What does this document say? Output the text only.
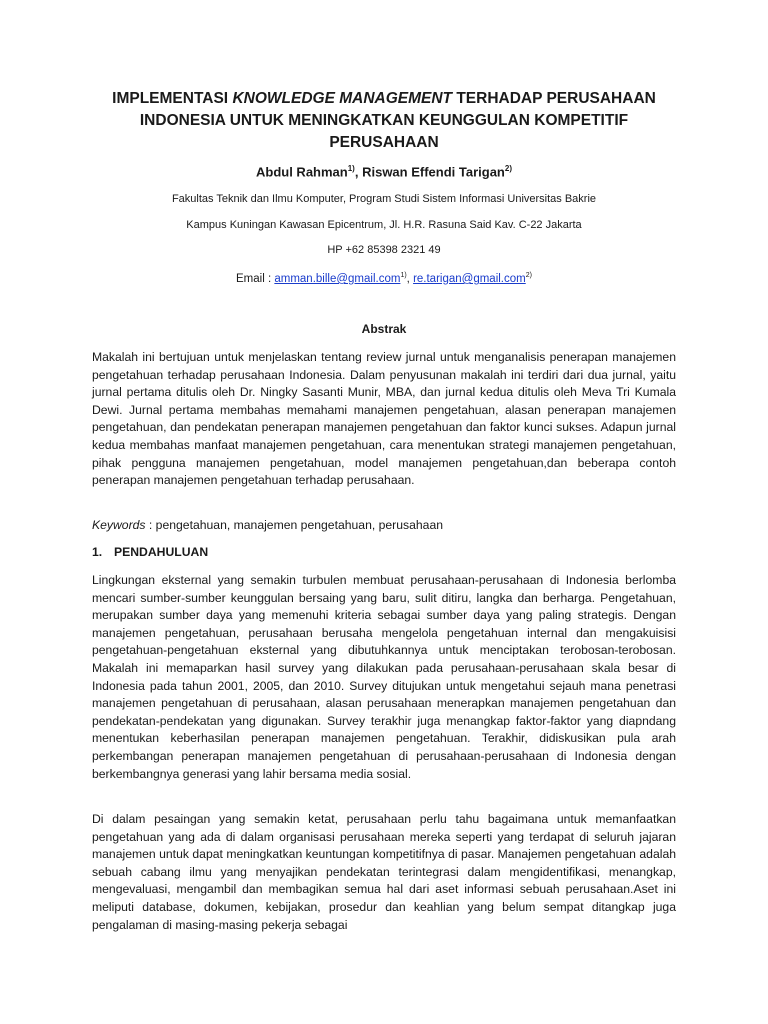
IMPLEMENTASI KNOWLEDGE MANAGEMENT TERHADAP PERUSAHAAN INDONESIA UNTUK MENINGKATKAN KEUNGGULAN KOMPETITIF PERUSAHAAN
Abdul Rahman$^{1)}$, Riswan Effendi Tarigan$^{2)}$
Fakultas Teknik dan Ilmu Komputer, Program Studi Sistem Informasi Universitas Bakrie
Kampus Kuningan Kawasan Epicentrum, Jl. H.R. Rasuna Said Kav. C-22 Jakarta
HP +62 85398 2321 49
Email : amman.bille@gmail.com$^{1)}$, re.tarigan@gmail.com$^{2)}$
Abstrak

Makalah ini bertujuan untuk menjelaskan tentang review jurnal untuk menganalisis penerapan manajemen pengetahuan terhadap perusahaan Indonesia. Dalam penyusunan makalah ini terdiri dari dua jurnal, yaitu jurnal pertama ditulis oleh Dr. Ningky Sasanti Munir, MBA, dan jurnal kedua ditulis oleh Meva Tri Kumala Dewi. Jurnal pertama membahas memahami manajemen pengetahuan, alasan penerapan manajemen pengetahuan, dan pendekatan penerapan manajemen pengetahuan dan faktor kunci sukses. Adapun jurnal kedua membahas manfaat manajemen pengetahuan, cara menentukan strategi manajemen pengetahuan, pihak pengguna manajemen pengetahuan, model manajemen pengetahuan,dan beberapa contoh penerapan manajemen pengetahuan terhadap perusahaan.

Keywords : pengetahuan, manajemen pengetahuan, perusahaan
1. PENDAHULUAN

Lingkungan eksternal yang semakin turbulen membuat perusahaan-perusahaan di Indonesia berlomba mencari sumber-sumber keunggulan bersaing yang baru, sulit ditiru, langka dan berharga. Pengetahuan, merupakan sumber daya yang memenuhi kriteria sebagai sumber daya yang paling strategis. Dengan manajemen pengetahuan, perusahaan berusaha mengelola pengetahuan internal dan mengakuisisi pengetahuan-pengetahuan eksternal yang dibutuhkannya untuk menciptakan terobosan-terobosan. Makalah ini memaparkan hasil survey yang dilakukan pada perusahaan-perusahaan skala besar di Indonesia pada tahun 2001, 2005, dan 2010. Survey ditujukan untuk mengetahui sejauh mana penetrasi manajemen pengetahuan di perusahaan, alasan perusahaan menerapkan manajemen pengetahuan dan pendekatan-pendekatan yang digunakan. Survey terakhir juga menangkap faktor-faktor yang diapndang menentukan keberhasilan penerapan manajemen pengetahuan. Terakhir, didiskusikan pula arah perkembangan penerapan manajemen pengetahuan di perusahaan-perusahaan di Indonesia dengan berkembangnya generasi yang lahir bersama media sosial.

Di dalam pesaingan yang semakin ketat, perusahaan perlu tahu bagaimana untuk memanfaatkan pengetahuan yang ada di dalam organisasi perusahaan mereka seperti yang terdapat di seluruh jajaran manajemen untuk dapat meningkatkan keuntungan kompetitifnya di pasar. Manajemen pengetahuan adalah sebuah cabang ilmu yang menyajikan pendekatan terintegrasi dalam mengidentifikasi, menangkap, mengevaluasi, mengambil dan membagikan semua hal dari aset informasi sebuah perusahaan.Aset ini meliputi database, dokumen, kebijakan, prosedur dan keahlian yang belum sempat ditangkap juga pengalaman di masing-masing pekerja sebagai
